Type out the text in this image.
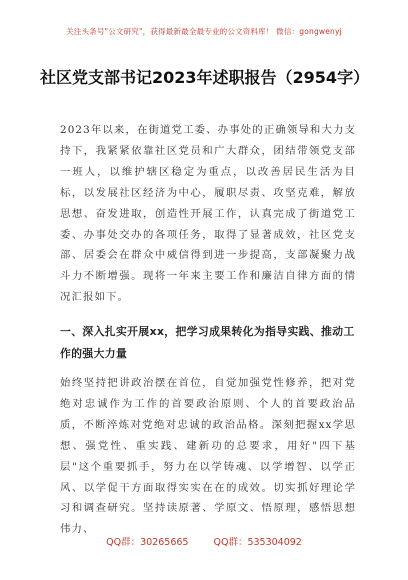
关注头条号"公文研究"，获得最新最全最专业的公文资料库！ 微信：gongwenyj
社区党支部书记2023年述职报告（2954字）
2023年以来，在街道党工委、办事处的正确领导和大力支持下，我紧紧依靠社区党员和广大群众，团结带领党支部一班人，以维护辖区稳定为重点，以改善居民生活为目标，以发展社区经济为中心，履职尽责、攻坚克难，解放思想、奋发进取，创造性开展工作，认真完成了街道党工委、办事处交办的各项任务，取得了显著成效，社区党支部、居委会在群众中威信得到进一步提高，支部凝聚力战斗力不断增强。现将一年来主要工作和廉洁自律方面的情况汇报如下。
一、深入扎实开展xx，把学习成果转化为指导实践、推动工作的强大力量
始终坚持把讲政治摆在首位，自觉加强党性修养，把对党绝对忠诚作为工作的首要政治原则、个人的首要政治品质，不断淬炼对党绝对忠诚的政治品格。深刻把握xx学思想、强党性、重实践、建新功的总要求，用好"四下基层"这个重要抓手，努力在以学铸魂、以学增智、以学正风、以学促干方面取得实实在在的成效。切实抓好理论学习和调查研究。坚持读原著、学原文、悟原理，感悟思想伟力、
QQ群：30265665	QQ群：535304092
